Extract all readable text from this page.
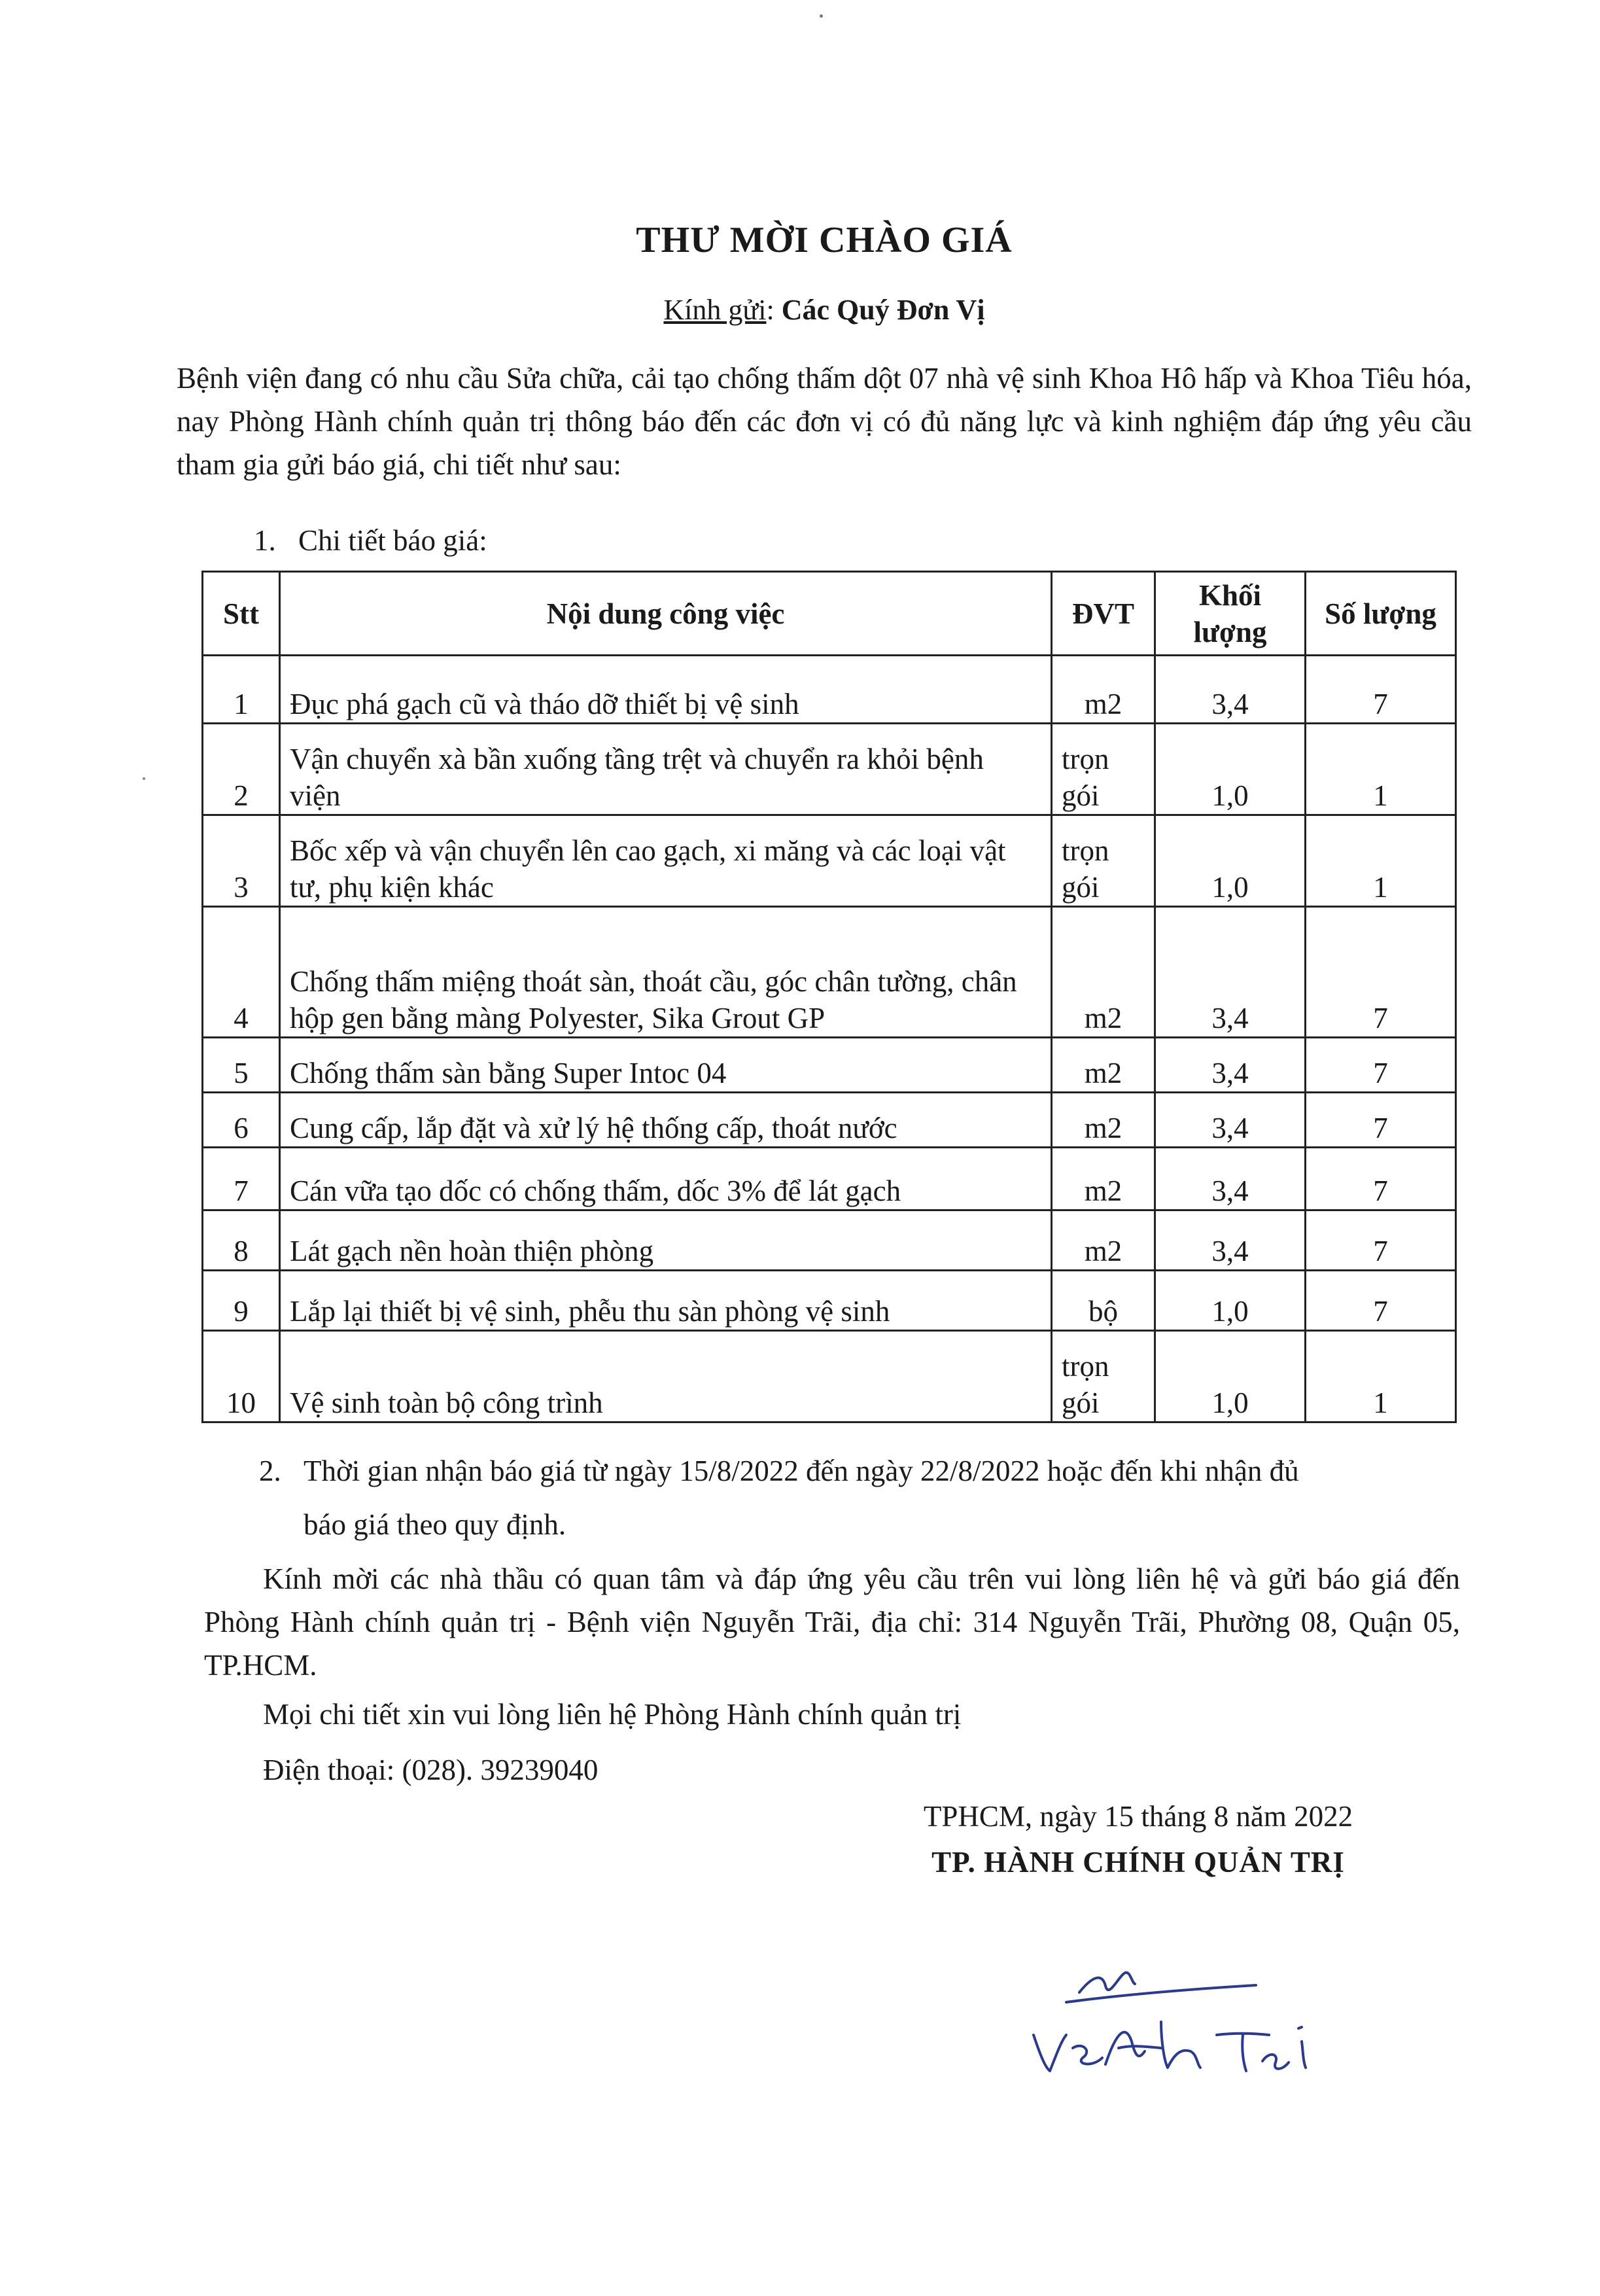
THƯ MỜI CHÀO GIÁ
Kính gửi: Các Quý Đơn Vị
Bệnh viện đang có nhu cầu Sửa chữa, cải tạo chống thấm dột 07 nhà vệ sinh Khoa Hô hấp và Khoa Tiêu hóa, nay Phòng Hành chính quản trị thông báo đến các đơn vị có đủ năng lực và kinh nghiệm đáp ứng yêu cầu tham gia gửi báo giá, chi tiết như sau:
1. Chi tiết báo giá:
Stt	Nội dung công việc	ĐVT	Khối lượng	Số lượng
1	Đục phá gạch cũ và tháo dỡ thiết bị vệ sinh	m2	3,4	7
2	Vận chuyển xà bần xuống tầng trệt và chuyển ra khỏi bệnh viện	trọn gói	1,0	1
3	Bốc xếp và vận chuyển lên cao gạch, xi măng và các loại vật tư, phụ kiện khác	trọn gói	1,0	1
4	Chống thấm miệng thoát sàn, thoát cầu, góc chân tường, chân hộp gen bằng màng Polyester, Sika Grout GP	m2	3,4	7
5	Chống thấm sàn bằng Super Intoc 04	m2	3,4	7
6	Cung cấp, lắp đặt và xử lý hệ thống cấp, thoát nước	m2	3,4	7
7	Cán vữa tạo dốc có chống thấm, dốc 3% để lát gạch	m2	3,4	7
8	Lát gạch nền hoàn thiện phòng	m2	3,4	7
9	Lắp lại thiết bị vệ sinh, phễu thu sàn phòng vệ sinh	bộ	1,0	7
10	Vệ sinh toàn bộ công trình	trọn gói	1,0	1
2. Thời gian nhận báo giá từ ngày 15/8/2022 đến ngày 22/8/2022 hoặc đến khi nhận đủ
báo giá theo quy định.
Kính mời các nhà thầu có quan tâm và đáp ứng yêu cầu trên vui lòng liên hệ và gửi báo giá đến Phòng Hành chính quản trị - Bệnh viện Nguyễn Trãi, địa chỉ: 314 Nguyễn Trãi, Phường 08, Quận 05, TP.HCM.
Mọi chi tiết xin vui lòng liên hệ Phòng Hành chính quản trị
Điện thoại: (028). 39239040
TPHCM, ngày 15 tháng 8 năm 2022
TP. HÀNH CHÍNH QUẢN TRỊ
